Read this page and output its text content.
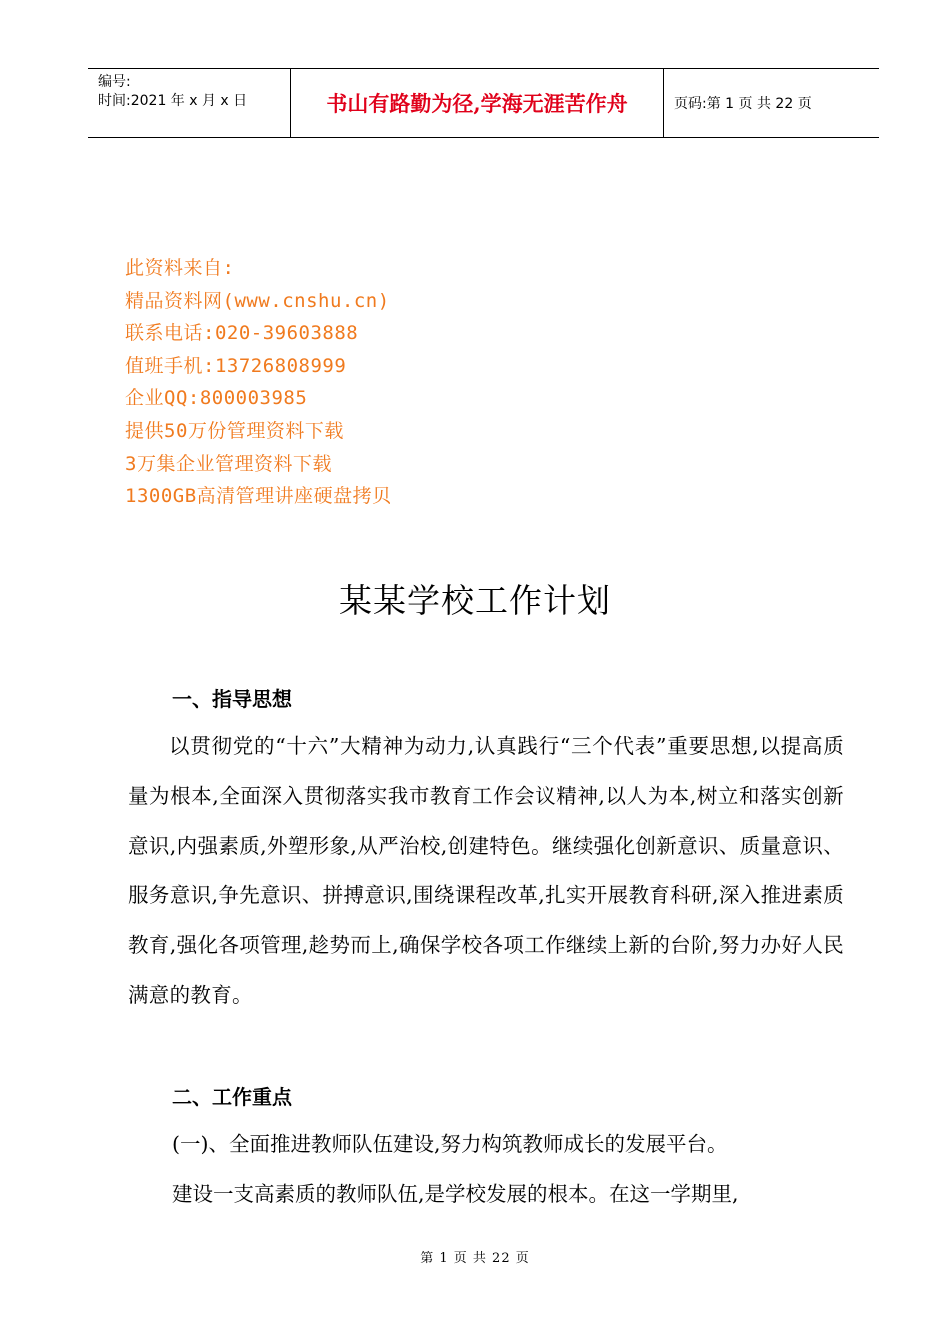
编号:
时间:2021 年 x 月 x 日	书山有路勤为径,学海无涯苦作舟	页码:第 1 页 共 22 页
此资料来自:
精品资料网(www.cnshu.cn)
联系电话:020-39603888
值班手机:13726808999
企业QQ:800003985
提供50万份管理资料下载
3万集企业管理资料下载
1300GB高清管理讲座硬盘拷贝
某某学校工作计划
一、指导思想
以贯彻党的“十六”大精神为动力,认真践行“三个代表”重要思想,以提高质量为根本,全面深入贯彻落实我市教育工作会议精神,以人为本,树立和落实创新意识,内强素质,外塑形象,从严治校,创建特色。继续强化创新意识、质量意识、服务意识,争先意识、拼搏意识,围绕课程改革,扎实开展教育科研,深入推进素质教育,强化各项管理,趁势而上,确保学校各项工作继续上新的台阶,努力办好人民满意的教育。
二、工作重点
(一)、全面推进教师队伍建设,努力构筑教师成长的发展平台。
建设一支高素质的教师队伍,是学校发展的根本。在这一学期里,
第 1 页 共 22 页
